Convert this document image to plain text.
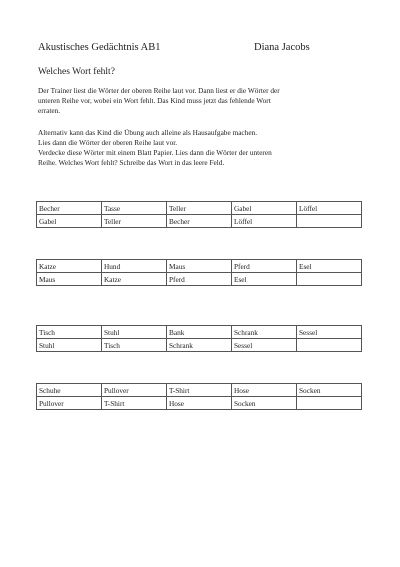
Akustisches Gedächtnis AB1	Diana Jacobs
Welches Wort fehlt?
Der Trainer liest die Wörter der oberen Reihe laut vor. Dann liest er die Wörter der
unteren Reihe vor, wobei ein Wort fehlt. Das Kind muss jetzt das fehlende Wort
erraten.
Alternativ kann das Kind die Übung auch alleine als Hausaufgabe machen.
Lies dann die Wörter der oberen Reihe laut vor.
Verdecke diese Wörter mit einem Blatt Papier. Lies dann die Wörter der unteren
Reihe. Welches Wort fehlt? Schreibe das Wort in das leere Feld.
Becher	Tasse	Teller	Gabel	Löffel
Gabel	Teller	Becher	Löffel	
Katze	Hund	Maus	Pferd	Esel
Maus	Katze	Pferd	Esel	
Tisch	Stuhl	Bank	Schrank	Sessel
Stuhl	Tisch	Schrank	Sessel	
Schuhe	Pullover	T-Shirt	Hose	Socken
Pullover	T-Shirt	Hose	Socken	
